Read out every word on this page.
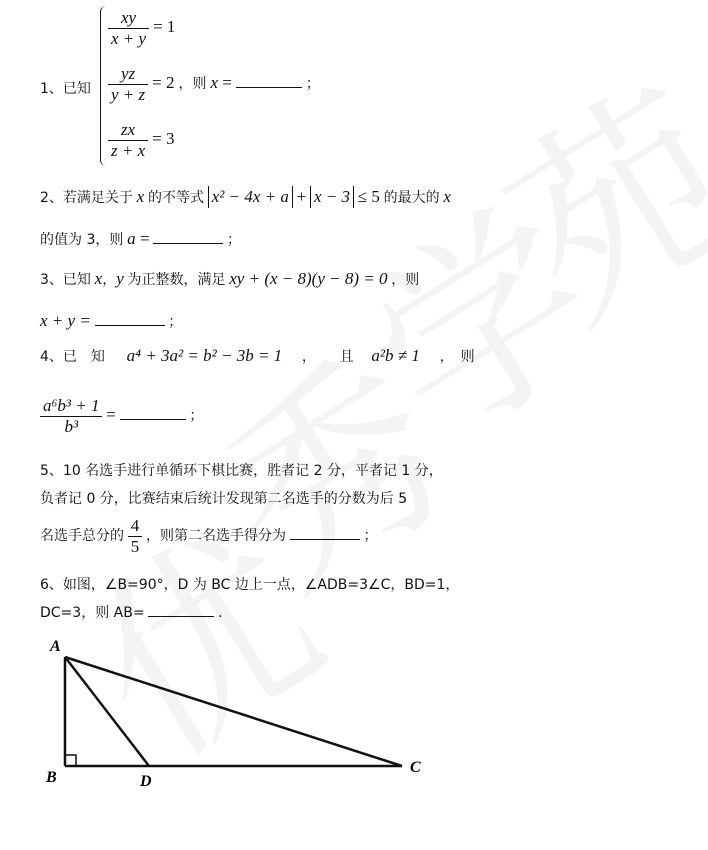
1、已知
$\frac{xy}{x + y} = 1$
$\frac{yz}{y + z} = 2$ ，则 x =	；
$\frac{zx}{z + x} = 3$
2、若满足关于 x 的不等式 x² − 4x + a + x − 3 ≤ 5 的最大的 x
的值为 3，则 a =	；
3、已知 x，y 为正整数，满足 xy + (x − 8)(y − 8) = 0 ，则
x + y =	；
4、已　知 a⁴ + 3a² = b² − 3b = 1 ， 且 a²b ≠ 1 ，　则
$\frac{\text{a⁶b³ + 1}}{\text{b³}}$ =	；
5、10 名选手进行单循环下棋比赛，胜者记 2 分，平者记 1 分，
负者记 0 分，比赛结束后统计发现第二名选手的分数为后 5
名选手总分的 $\frac{4}{5}$ ，则第二名选手得分为	；
6、如图，∠B=90°，D 为 BC 边上一点，∠ADB=3∠C，BD=1，
DC=3，则 AB=	.
A
B
C
D
